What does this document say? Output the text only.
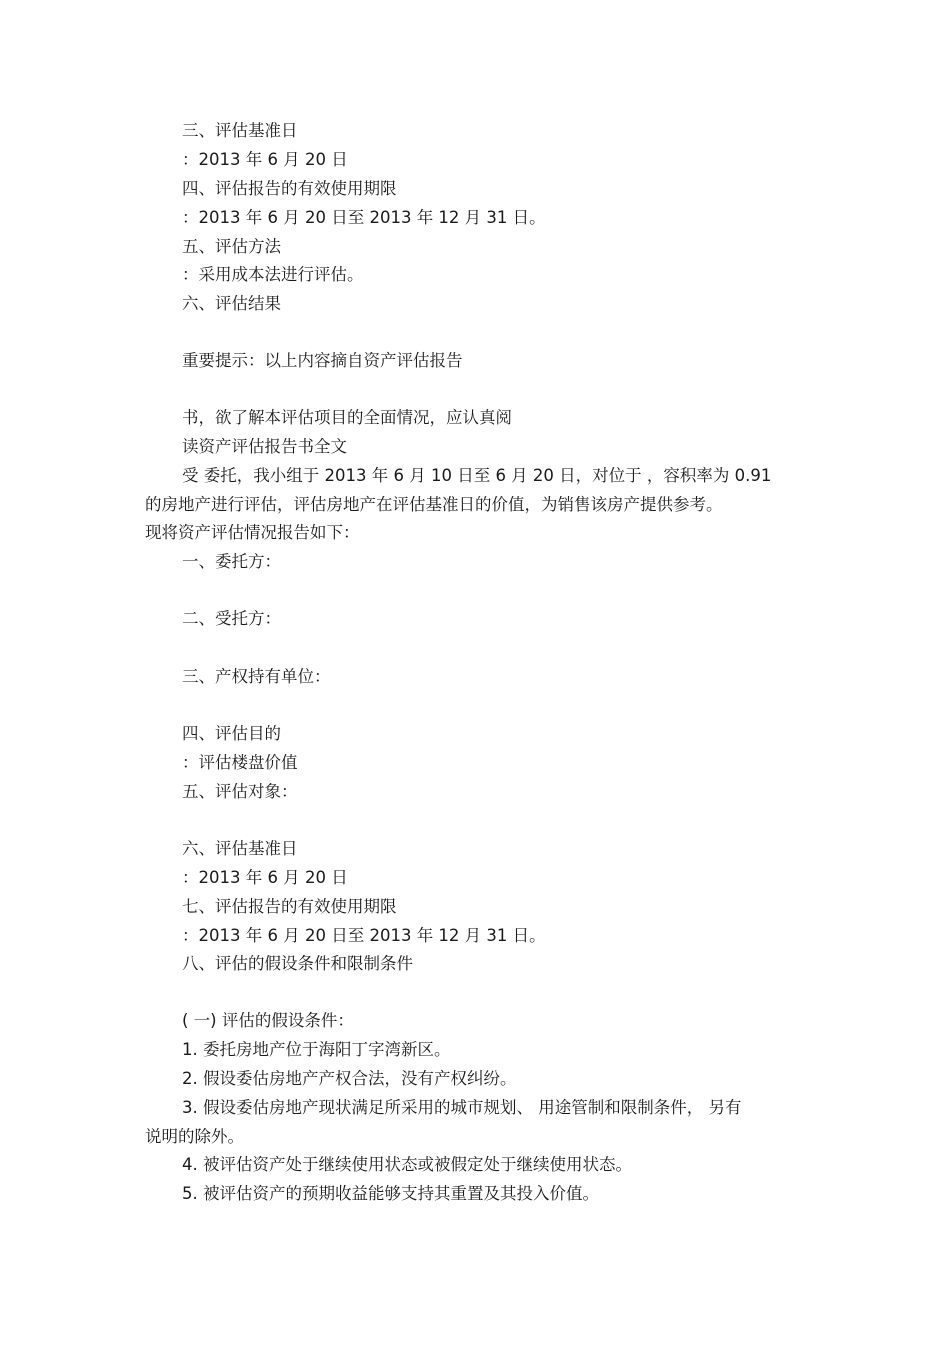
三、评估基准日
：2013 年 6 月 20 日
四、评估报告的有效使用期限
：2013 年 6 月 20 日至 2013 年 12 月 31 日。
五、评估方法
：采用成本法进行评估。
六、评估结果
重要提示：以上内容摘自资产评估报告
书，欲了解本评估项目的全面情况，应认真阅
读资产评估报告书全文
受 委托，我小组于 2013 年 6 月 10 日至 6 月 20 日，对位于 ，容积率为 0.91
的房地产进行评估，评估房地产在评估基准日的价值，为销售该房产提供参考。
现将资产评估情况报告如下：
一、委托方：
二、受托方：
三、产权持有单位：
四、评估目的
：评估楼盘价值
五、评估对象：
六、评估基准日
：2013 年 6 月 20 日
七、评估报告的有效使用期限
：2013 年 6 月 20 日至 2013 年 12 月 31 日。
八、评估的假设条件和限制条件
( 一) 评估的假设条件：
1. 委托房地产位于海阳丁字湾新区。
2. 假设委估房地产产权合法，没有产权纠纷。
3. 假设委估房地产现状满足所采用的城市规划、 用途管制和限制条件， 另有
说明的除外。
4. 被评估资产处于继续使用状态或被假定处于继续使用状态。
5. 被评估资产的预期收益能够支持其重置及其投入价值。
